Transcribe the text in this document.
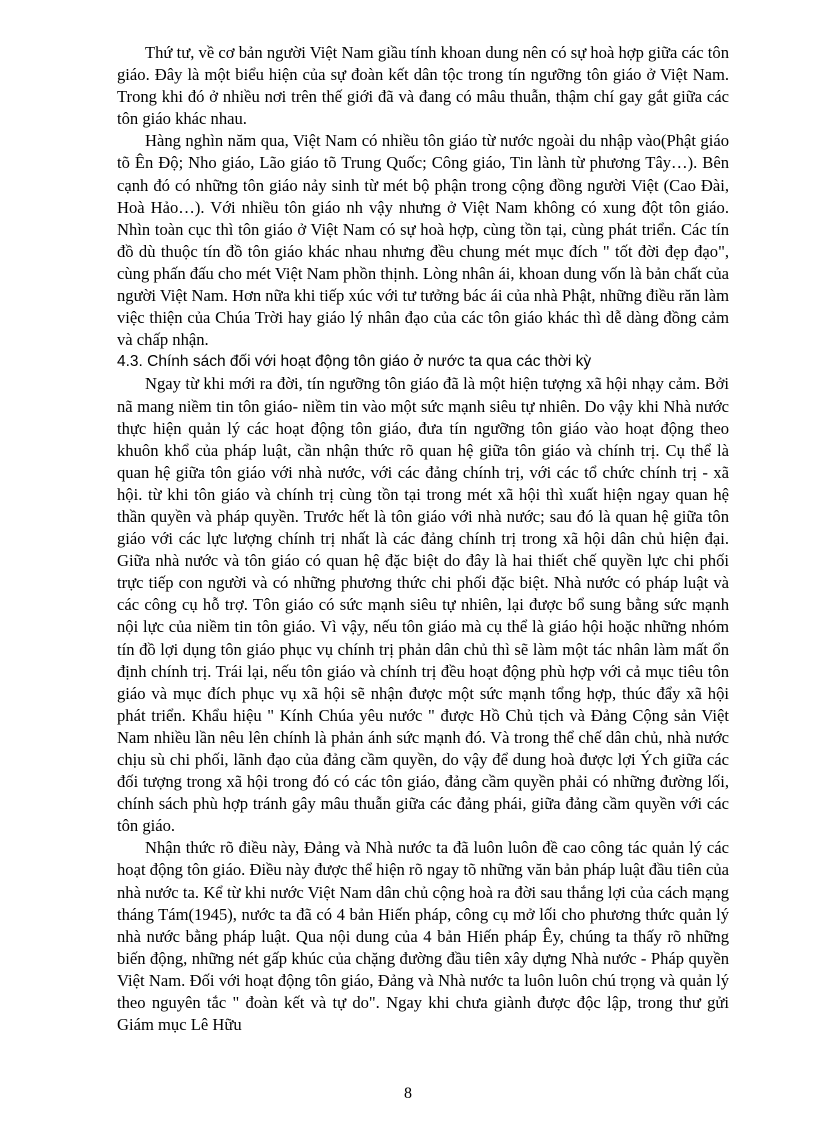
Thứ tư, về cơ bản người Việt Nam giầu tính khoan dung nên có sự hoà hợp giữa các tôn giáo. Đây là một biểu hiện của sự đoàn kết dân tộc trong tín ngưỡng tôn giáo ở Việt Nam. Trong khi đó ở nhiều nơi trên thế giới đã và đang có mâu thuẫn, thậm chí gay gắt giữa các tôn giáo khác nhau.

Hàng nghìn năm qua, Việt Nam có nhiều tôn giáo từ nước ngoài du nhập vào(Phật giáo tõ Ên Độ; Nho giáo, Lão giáo tõ Trung Quốc; Công giáo, Tin lành từ phương Tây…). Bên cạnh đó có những tôn giáo nảy sinh từ mét bộ phận trong cộng đồng người Việt (Cao Đài, Hoà Hảo…). Với nhiều tôn giáo nh vậy nhưng ở Việt Nam không có xung đột tôn giáo. Nhìn toàn cục thì tôn giáo ở Việt Nam có sự hoà hợp, cùng tồn tại, cùng phát triển. Các tín đồ dù thuộc tín đồ tôn giáo khác nhau nhưng đều chung mét mục đích " tốt đời đẹp đạo", cùng phấn đấu cho mét Việt Nam phồn thịnh. Lòng nhân ái, khoan dung vốn là bản chất của người Việt Nam. Hơn nữa khi tiếp xúc với tư tưởng bác ái của nhà Phật, những điều răn làm việc thiện của Chúa Trời hay giáo lý nhân đạo của các tôn giáo khác thì dễ dàng đồng cảm và chấp nhận.

4.3. Chính sách đối với hoạt động tôn giáo ở nước ta qua các thời kỳ

Ngay từ khi mới ra đời, tín ngưỡng tôn giáo đã là một hiện tượng xã hội nhạy cảm. Bởi nã mang niềm tin tôn giáo- niềm tin vào một sức mạnh siêu tự nhiên. Do vậy khi Nhà nước thực hiện quản lý các hoạt động tôn giáo, đưa tín ngưỡng tôn giáo vào hoạt động theo khuôn khổ của pháp luật, cần nhận thức rõ quan hệ giữa tôn giáo và chính trị. Cụ thể là quan hệ giữa tôn giáo với nhà nước, với các đảng chính trị, với các tổ chức chính trị - xã hội. từ khi tôn giáo và chính trị cùng tồn tại trong mét xã hội thì xuất hiện ngay quan hệ thần quyền và pháp quyền. Trước hết là tôn giáo với nhà nước; sau đó là quan hệ giữa tôn giáo với các lực lượng chính trị nhất là các đảng chính trị trong xã hội dân chủ hiện đại. Giữa nhà nước và tôn giáo có quan hệ đặc biệt do đây là hai thiết chế quyền lực chi phối trực tiếp con người và có những phương thức chi phối đặc biệt. Nhà nước có pháp luật và các công cụ hỗ trợ. Tôn giáo có sức mạnh siêu tự nhiên, lại được bổ sung bằng sức mạnh nội lực của niềm tin tôn giáo. Vì vậy, nếu tôn giáo mà cụ thể là giáo hội hoặc những nhóm tín đồ lợi dụng tôn giáo phục vụ chính trị phản dân chủ thì sẽ làm một tác nhân làm mất ổn định chính trị. Trái lại, nếu tôn giáo và chính trị đều hoạt động phù hợp với cả mục tiêu tôn giáo và mục đích phục vụ xã hội sẽ nhận được một sức mạnh tổng hợp, thúc đẩy xã hội phát triển. Khẩu hiệu " Kính Chúa yêu nước " được Hồ Chủ tịch và Đảng Cộng sản Việt Nam nhiều lần nêu lên chính là phản ánh sức mạnh đó. Và trong thể chế dân chủ, nhà nước chịu sù chi phối, lãnh đạo của đảng cầm quyền, do vậy để dung hoà được lợi Ých giữa các đối tượng trong xã hội trong đó có các tôn giáo, đảng cầm quyền phải có những đường lối, chính sách phù hợp tránh gây mâu thuẫn giữa các đảng phái, giữa đảng cầm quyền với các tôn giáo.

Nhận thức rõ điều này, Đảng và Nhà nước ta đã luôn luôn đề cao công tác quản lý các hoạt động tôn giáo. Điều này được thể hiện rõ ngay tõ những văn bản pháp luật đầu tiên của nhà nước ta. Kể từ khi nước Việt Nam dân chủ cộng hoà ra đời sau thắng lợi của cách mạng tháng Tám(1945), nước ta đã có 4 bản Hiến pháp, công cụ mở lối cho phương thức quản lý nhà nước bằng pháp luật. Qua nội dung của 4 bản Hiến pháp Êy, chúng ta thấy rõ những biến động, những nét gấp khúc của chặng đường đầu tiên xây dựng Nhà nước - Pháp quyền Việt Nam. Đối với hoạt động tôn giáo, Đảng và Nhà nước ta luôn luôn chú trọng và quản lý theo nguyên tắc " đoàn kết và tự do". Ngay khi chưa giành được độc lập, trong thư gửi Giám mục Lê Hữu

8
